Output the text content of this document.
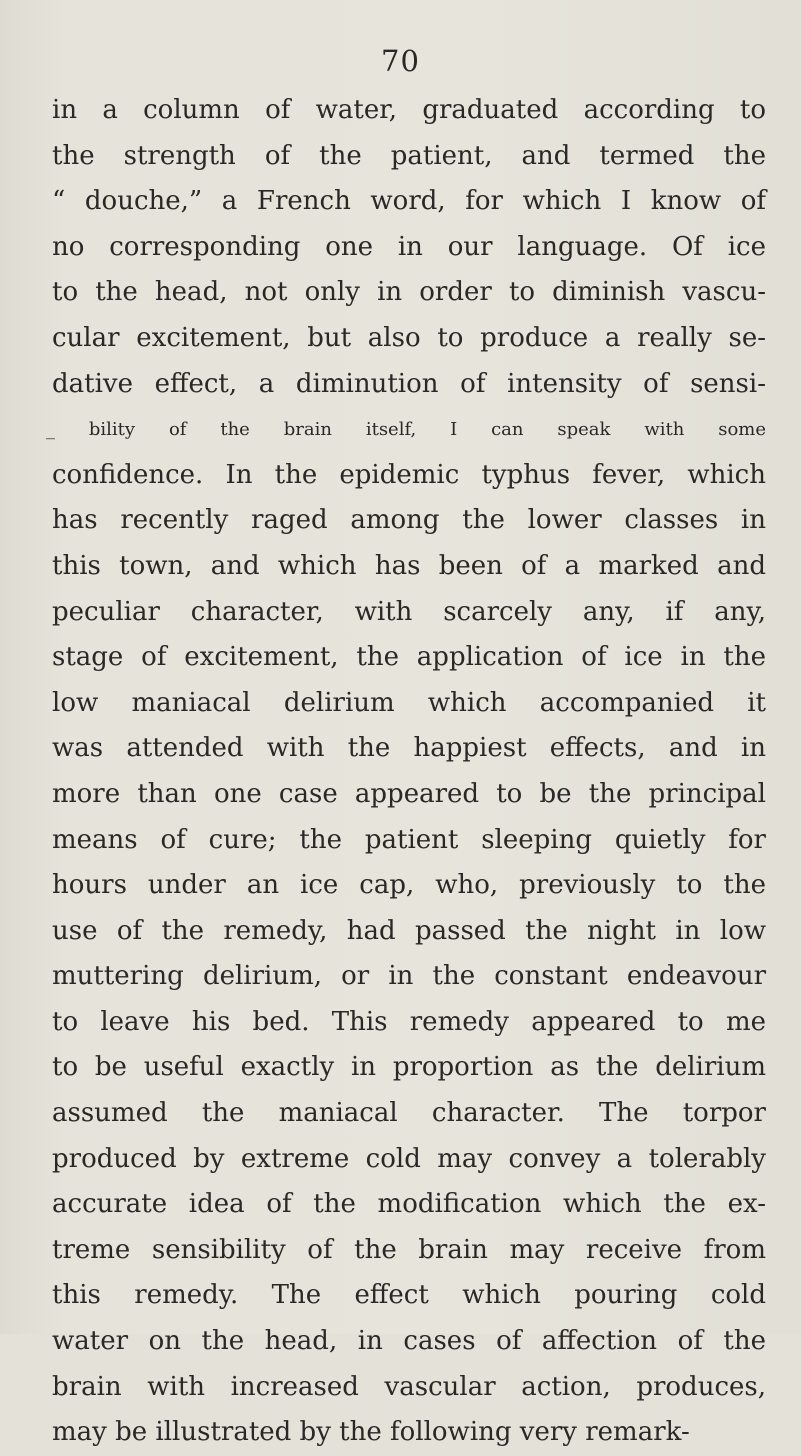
70
in a column of water, graduated according to
the strength of the patient, and termed the
“ douche,” a French word, for which I know of
no corresponding one in our language. Of ice
to the head, not only in order to diminish vascu-
cular excitement, but also to produce a really se-
dative effect, a diminution of intensity of sensi-
_ bility of the brain itself, I can speak with some
confidence. In the epidemic typhus fever, which
has recently raged among the lower classes in
this town, and which has been of a marked and
peculiar character, with scarcely any, if any,
stage of excitement, the application of ice in the
low maniacal delirium which accompanied it
was attended with the happiest effects, and in
more than one case appeared to be the principal
means of cure; the patient sleeping quietly for
hours under an ice cap, who, previously to the
use of the remedy, had passed the night in low
muttering delirium, or in the constant endeavour
to leave his bed. This remedy appeared to me
to be useful exactly in proportion as the delirium
assumed the maniacal character. The torpor
produced by extreme cold may convey a tolerably
accurate idea of the modification which the ex-
treme sensibility of the brain may receive from
this remedy. The effect which pouring cold
water on the head, in cases of affection of the
brain with increased vascular action, produces,
may be illustrated by the following very remark-
